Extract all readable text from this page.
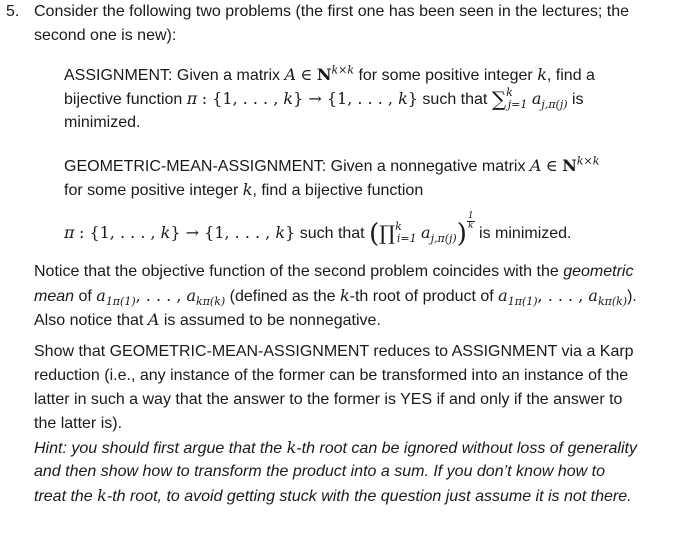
5. Consider the following two problems (the first one has been seen in the lectures; the
second one is new):
ASSIGNMENT: Given a matrix A ∈ $N^{k\times k}$ for some positive integer k, find a
bijective function π : {1, . . . , k} → {1, . . . , k} such that ∑$^k_{j=1}$ $a_{j,\pi(j)}$ is
minimized.
GEOMETRIC-MEAN-ASSIGNMENT: Given a nonnegative matrix A ∈ $N^{k\times k}$
for some positive integer k, find a bijective function
π : {1, . . . , k} → {1, . . . , k} such that (∏$^k_{i=1}$ $a_{j,\pi(j)}) \frac{1}{k}$
is minimized.
Notice that the objective function of the second problem coincides with the geometric
mean of $a_{1\pi(1)}$, . . . , $a_{k\pi(k)}$ (defined as the k-th root of product of $a_{1\pi(1)}$, . . . , $a_{k\pi(k)}$).
Also notice that A is assumed to be nonnegative.
Show that GEOMETRIC-MEAN-ASSIGNMENT reduces to ASSIGNMENT via a Karp
reduction (i.e., any instance of the former can be transformed into an instance of the
latter in such a way that the answer to the former is YES if and only if the answer to
the latter is).
Hint: you should first argue that the k-th root can be ignored without loss of generality
and then show how to transform the product into a sum. If you don’t know how to
treat the k-th root, to avoid getting stuck with the question just assume it is not there.
